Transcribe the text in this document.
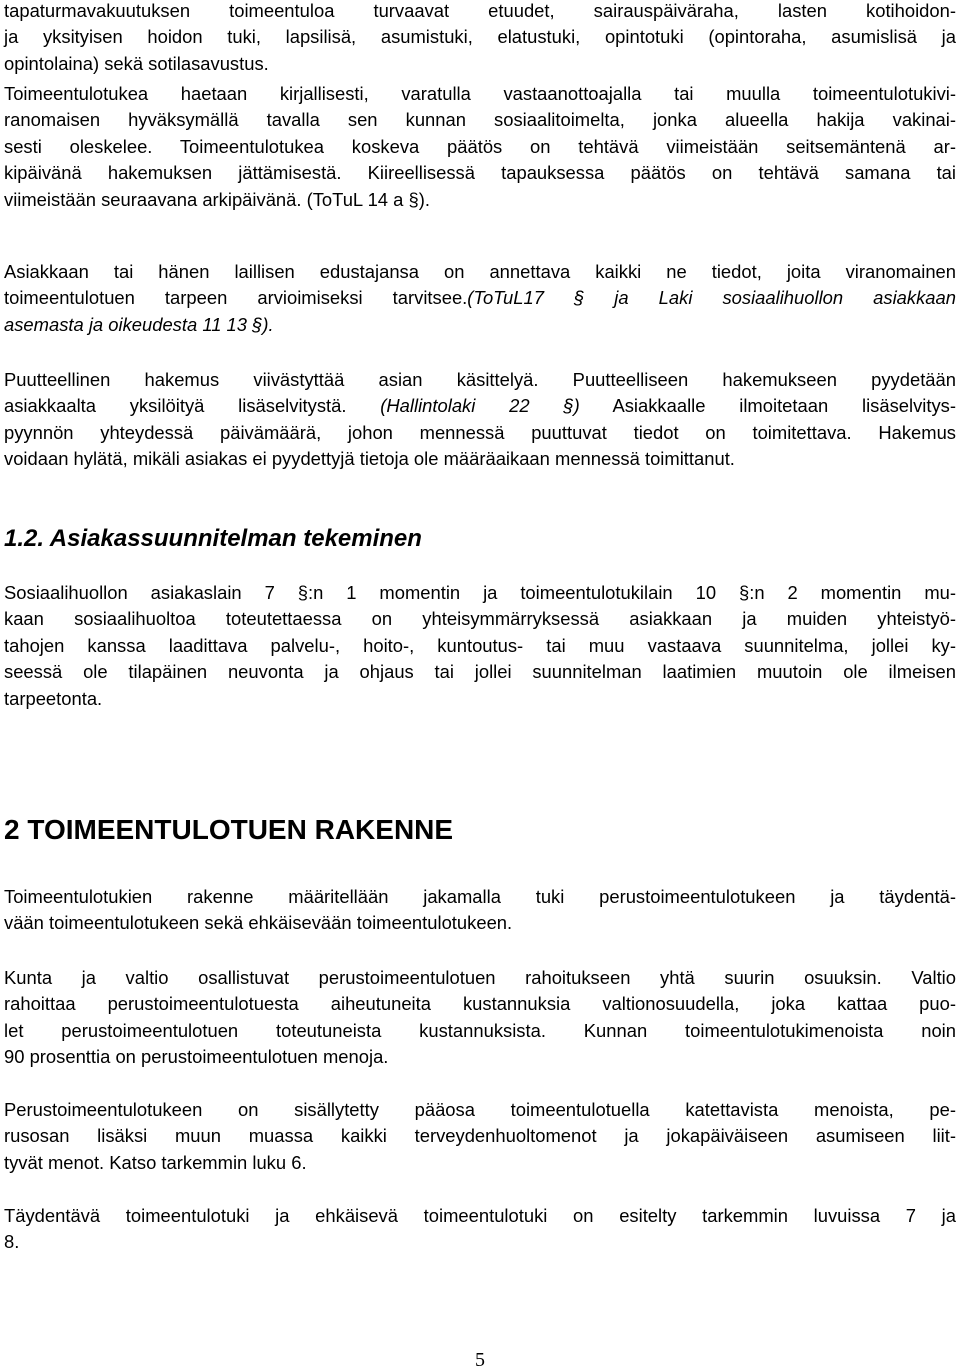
tapaturmavakuutuksen toimeentuloa turvaavat etuudet, sairauspäiväraha, lasten kotihoidon-
ja yksityisen hoidon tuki, lapsilisä, asumistuki, elatustuki, opintotuki (opintoraha, asumislisä ja
opintolaina) sekä sotilasavustus.
Toimeentulotukea haetaan kirjallisesti, varatulla vastaanottoajalla tai muulla toimeentulotukivi-
ranomaisen hyväksymällä tavalla sen kunnan sosiaalitoimelta, jonka alueella hakija vakinai-
sesti oleskelee. Toimeentulotukea koskeva päätös on tehtävä viimeistään seitsemäntenä ar-
kipäivänä hakemuksen jättämisestä. Kiireellisessä tapauksessa päätös on tehtävä samana tai
viimeistään seuraavana arkipäivänä. (ToTuL 14 a §).
Asiakkaan tai hänen laillisen edustajansa on annettava kaikki ne tiedot, joita viranomainen
toimeentulotuen tarpeen arvioimiseksi tarvitsee.(ToTuL17 § ja Laki sosiaalihuollon asiakkaan
asemasta ja oikeudesta 11 13 §).
Puutteellinen hakemus viivästyttää asian käsittelyä. Puutteelliseen hakemukseen pyydetään
asiakkaalta yksilöityä lisäselvitystä. (Hallintolaki 22 §) Asiakkaalle ilmoitetaan lisäselvitys-
pyynnön yhteydessä päivämäärä, johon mennessä puuttuvat tiedot on toimitettava. Hakemus
voidaan hylätä, mikäli asiakas ei pyydettyjä tietoja ole määräaikaan mennessä toimittanut.
1.2. Asiakassuunnitelman tekeminen
Sosiaalihuollon asiakaslain 7 §:n 1 momentin ja toimeentulotukilain 10 §:n 2 momentin mu-
kaan sosiaalihuoltoa toteutettaessa on yhteisymmärryksessä asiakkaan ja muiden yhteistyö-
tahojen kanssa laadittava palvelu-, hoito-, kuntoutus- tai muu vastaava suunnitelma, jollei ky-
seessä ole tilapäinen neuvonta ja ohjaus tai jollei suunnitelman laatimien muutoin ole ilmeisen
tarpeetonta.
2 TOIMEENTULOTUEN RAKENNE
Toimeentulotukien rakenne määritellään jakamalla tuki perustoimeentulotukeen ja täydentä-
vään toimeentulotukeen sekä ehkäisevään toimeentulotukeen.
Kunta ja valtio osallistuvat perustoimeentulotuen rahoitukseen yhtä suurin osuuksin. Valtio
rahoittaa perustoimeentulotuesta aiheutuneita kustannuksia valtionosuudella, joka kattaa puo-
let perustoimeentulotuen toteutuneista kustannuksista. Kunnan toimeentulotukimenoista noin
90 prosenttia on perustoimeentulotuen menoja.
Perustoimeentulotukeen on sisällytetty pääosa toimeentulotuella katettavista menoista, pe-
rusosan lisäksi muun muassa kaikki terveydenhuoltomenot ja jokapäiväiseen asumiseen liit-
tyvät menot. Katso tarkemmin luku 6.
Täydentävä toimeentulotuki ja ehkäisevä toimeentulotuki on esitelty tarkemmin luvuissa 7 ja
8.
5
